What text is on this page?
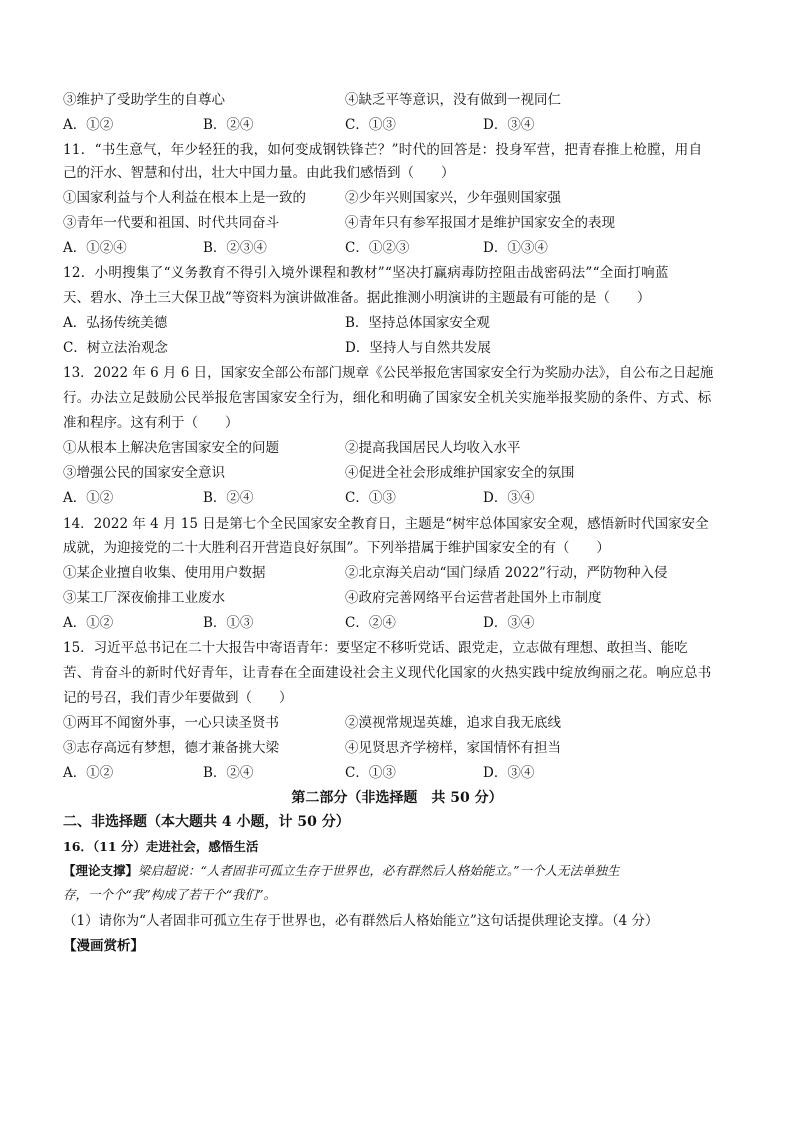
③维护了受助学生的自尊心	④缺乏平等意识，没有做到一视同仁
A．①②	B．②④	C．①③	D．③④
11．“书生意气，年少轻狂的我，如何变成钢铁锋芒？”时代的回答是：投身军营，把青春推上枪膛，用自
己的汗水、智慧和付出，壮大中国力量。由此我们感悟到（　　）
①国家利益与个人利益在根本上是一致的	②少年兴则国家兴，少年强则国家强
③青年一代要和祖国、时代共同奋斗	④青年只有参军报国才是维护国家安全的表现
A．①②④	B．②③④	C．①②③	D．①③④
12．小明搜集了“义务教育不得引入境外课程和教材”“坚决打赢病毒防控阻击战密码法”“全面打响蓝
天、碧水、净土三大保卫战”等资料为演讲做准备。据此推测小明演讲的主题最有可能的是（　　）
A．弘扬传统美德	B．坚持总体国家安全观
C．树立法治观念	D．坚持人与自然共发展
13．2022 年 6 月 6 日，国家安全部公布部门规章《公民举报危害国家安全行为奖励办法》，自公布之日起施
行。办法立足鼓励公民举报危害国家安全行为，细化和明确了国家安全机关实施举报奖励的条件、方式、标
准和程序。这有利于（　　）
①从根本上解决危害国家安全的问题	②提高我国居民人均收入水平
③增强公民的国家安全意识	④促进全社会形成维护国家安全的氛围
A．①②	B．②④	C．①③	D．③④
14．2022 年 4 月 15 日是第七个全民国家安全教育日，主题是“树牢总体国家安全观，感悟新时代国家安全
成就，为迎接党的二十大胜利召开营造良好氛围”。下列举措属于维护国家安全的有（　　）
①某企业擅自收集、使用用户数据	②北京海关启动“国门绿盾 2022”行动，严防物种入侵
③某工厂深夜偷排工业废水	④政府完善网络平台运营者赴国外上市制度
A．①②	B．①③	C．②④	D．③④
15．习近平总书记在二十大报告中寄语青年：要坚定不移听党话、跟党走，立志做有理想、敢担当、能吃
苦、肯奋斗的新时代好青年，让青春在全面建设社会主义现代化国家的火热实践中绽放绚丽之花。响应总书
记的号召，我们青少年要做到（　　）
①两耳不闻窗外事，一心只读圣贤书	②漠视常规逞英雄，追求自我无底线
③志存高远有梦想，德才兼备挑大梁	④见贤思齐学榜样，家国情怀有担当
A．①②	B．②④	C．①③	D．③④
第二部分（非选择题　共 50 分）
二、非选择题（本大题共 4 小题，计 50 分）
16．（11 分）走进社会，感悟生活
【理论支撑】梁启超说：“人者固非可孤立生存于世界也，必有群然后人格始能立。”一个人无法单独生
存，一个个“我”构成了若干个“我们”。
（1）请你为“人者固非可孤立生存于世界也，必有群然后人格始能立”这句话提供理论支撑。（4 分）
【漫画赏析】
